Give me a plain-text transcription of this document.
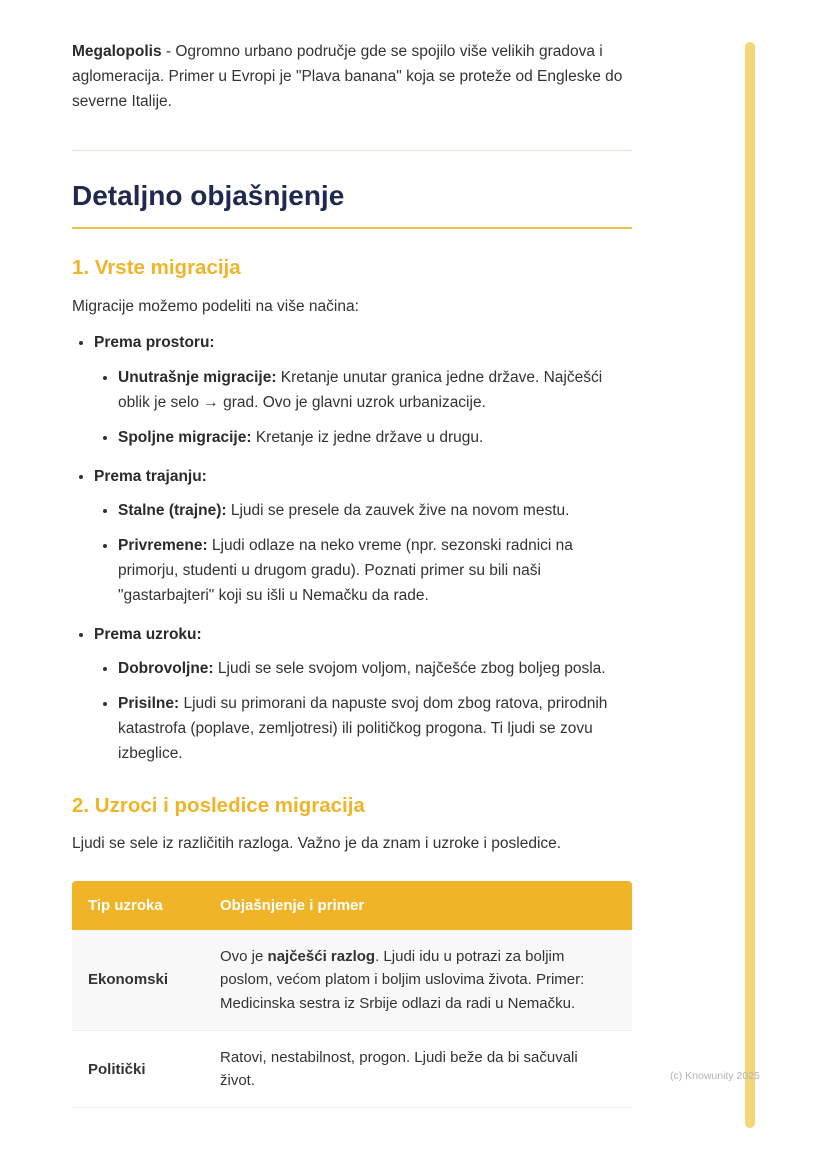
Megalopolis - Ogromno urbano područje gde se spojilo više velikih gradova i aglomeracija. Primer u Evropi je "Plava banana" koja se proteže od Engleske do severne Italije.

Detaljno objašnjenje
1. Vrste migracija

Migracije možemo podeliti na više načina:

• Prema prostoru:
• Unutrašnje migracije: Kretanje unutar granica jedne države. Najčešći oblik je selo → grad. Ovo je glavni uzrok urbanizacije.
• Spoljne migracije: Kretanje iz jedne države u drugu.
• Prema trajanju:
• Stalne (trajne): Ljudi se presele da zauvek žive na novom mestu.
• Privremene: Ljudi odlaze na neko vreme (npr. sezonski radnici na primorju, studenti u drugom gradu). Poznati primer su bili naši "gastarbajteri" koji su išli u Nemačku da rade.
• Prema uzroku:
• Dobrovoljne: Ljudi se sele svojom voljom, najčešće zbog boljeg posla.
• Prisilne: Ljudi su primorani da napuste svoj dom zbog ratova, prirodnih katastrofa (poplave, zemljotresi) ili političkog progona. Ti ljudi se zovu izbeglice.
2. Uzroci i posledice migracija

Ljudi se sele iz različitih razloga. Važno je da znam i uzroke i posledice.

Tip uzroka	Objašnjenje i primer
Ekonomski	Ovo je najčešći razlog. Ljudi idu u potrazi za boljim poslom, većom platom i boljim uslovima života. Primer: Medicinska sestra iz Srbije odlazi da radi u Nemačku.
Politički	Ratovi, nestabilnost, progon. Ljudi beže da bi sačuvali život.	(c) Knowunity 2025
